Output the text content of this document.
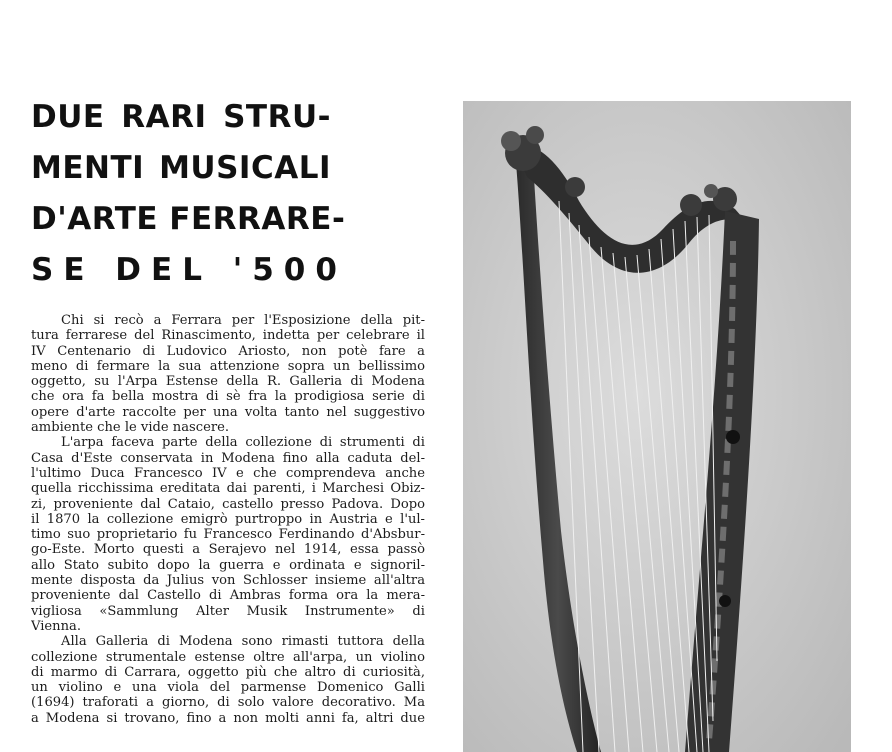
DUE RARI STRU-
MENTI MUSICALI
D'ARTE FERRARE-
SE DEL '500
Chi si recò a Ferrara per l'Esposizione della pit-
tura ferrarese del Rinascimento, indetta per celebrare il
IV Centenario di Ludovico Ariosto, non potè fare a
meno di fermare la sua attenzione sopra un bellissimo
oggetto, su l'Arpa Estense della R. Galleria di Modena
che ora fa bella mostra di sè fra la prodigiosa serie di
opere d'arte raccolte per una volta tanto nel suggestivo
ambiente che le vide nascere.
L'arpa faceva parte della collezione di strumenti di
Casa d'Este conservata in Modena fino alla caduta del-
l'ultimo Duca Francesco IV e che comprendeva anche
quella ricchissima ereditata dai parenti, i Marchesi Obiz-
zi, proveniente dal Cataio, castello presso Padova. Dopo
il 1870 la collezione emigrò purtroppo in Austria e l'ul-
timo suo proprietario fu Francesco Ferdinando d'Absbur-
go-Este. Morto questi a Serajevo nel 1914, essa passò
allo Stato subito dopo la guerra e ordinata e signoril-
mente disposta da Julius von Schlosser insieme all'altra
proveniente dal Castello di Ambras forma ora la mera-
vigliosa «Sammlung Alter Musik Instrumente» di
Vienna.
Alla Galleria di Modena sono rimasti tuttora della
collezione strumentale estense oltre all'arpa, un violino
di marmo di Carrara, oggetto più che altro di curiosità,
un violino e una viola del parmense Domenico Galli
(1694) traforati a giorno, di solo valore decorativo. Ma
a Modena si trovano, fino a non molti anni fa, altri due
